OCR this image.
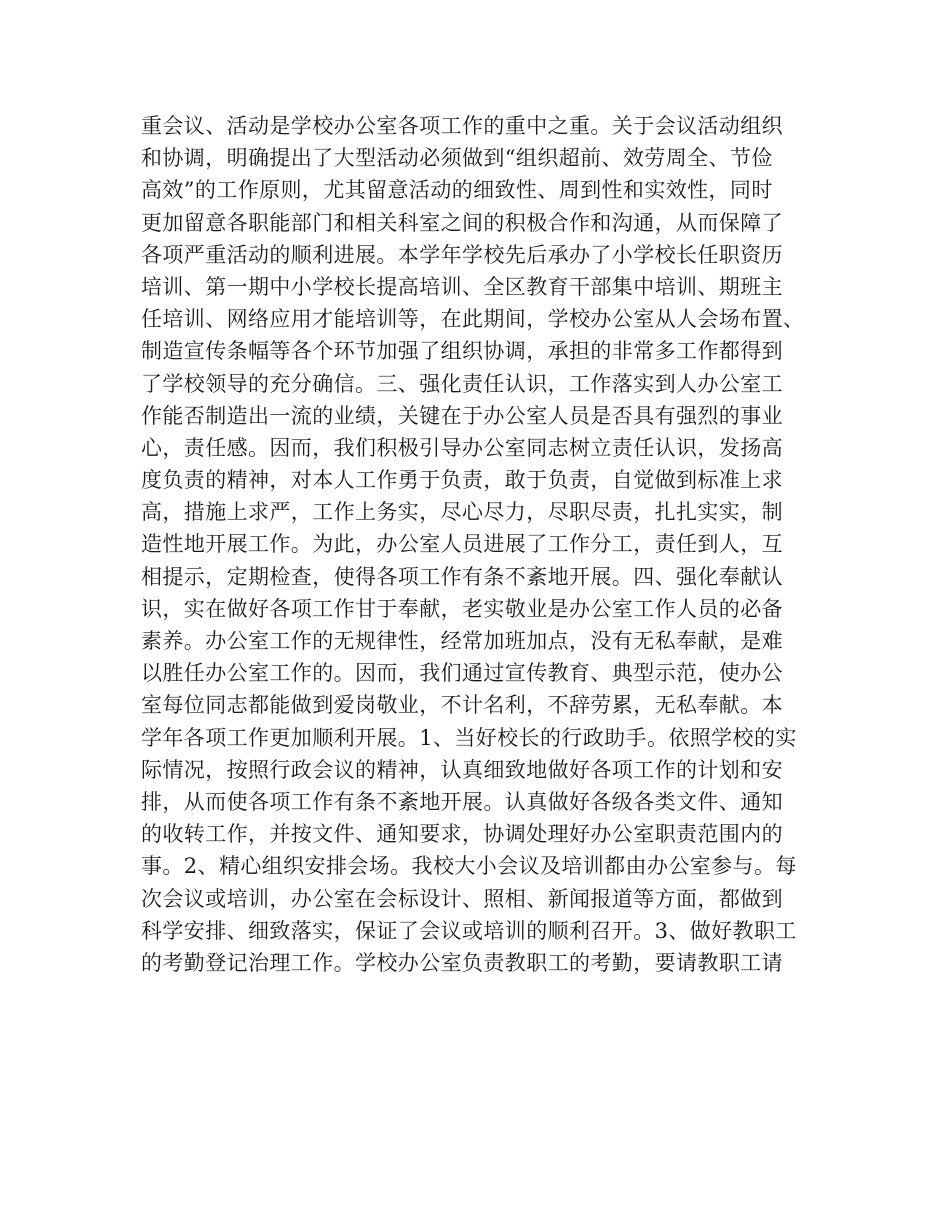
重会议、活动是学校办公室各项工作的重中之重。关于会议活动组织
和协调，明确提出了大型活动必须做到“组织超前、效劳周全、节俭
高效”的工作原则，尤其留意活动的细致性、周到性和实效性，同时
更加留意各职能部门和相关科室之间的积极合作和沟通，从而保障了
各项严重活动的顺利进展。本学年学校先后承办了小学校长任职资历
培训、第一期中小学校长提高培训、全区教育干部集中培训、期班主
任培训、网络应用才能培训等，在此期间，学校办公室从人会场布置、
制造宣传条幅等各个环节加强了组织协调，承担的非常多工作都得到
了学校领导的充分确信。三、强化责任认识，工作落实到人办公室工
作能否制造出一流的业绩，关键在于办公室人员是否具有强烈的事业
心，责任感。因而，我们积极引导办公室同志树立责任认识，发扬高
度负责的精神，对本人工作勇于负责，敢于负责，自觉做到标准上求
高，措施上求严，工作上务实，尽心尽力，尽职尽责，扎扎实实，制
造性地开展工作。为此，办公室人员进展了工作分工，责任到人，互
相提示，定期检查，使得各项工作有条不紊地开展。四、强化奉献认
识，实在做好各项工作甘于奉献，老实敬业是办公室工作人员的必备
素养。办公室工作的无规律性，经常加班加点，没有无私奉献，是难
以胜任办公室工作的。因而，我们通过宣传教育、典型示范，使办公
室每位同志都能做到爱岗敬业，不计名利，不辞劳累，无私奉献。本
学年各项工作更加顺利开展。1、当好校长的行政助手。依照学校的实
际情况，按照行政会议的精神，认真细致地做好各项工作的计划和安
排，从而使各项工作有条不紊地开展。认真做好各级各类文件、通知
的收转工作，并按文件、通知要求，协调处理好办公室职责范围内的
事。2、精心组织安排会场。我校大小会议及培训都由办公室参与。每
次会议或培训，办公室在会标设计、照相、新闻报道等方面，都做到
科学安排、细致落实，保证了会议或培训的顺利召开。3、做好教职工
的考勤登记治理工作。学校办公室负责教职工的考勤，要请教职工请
